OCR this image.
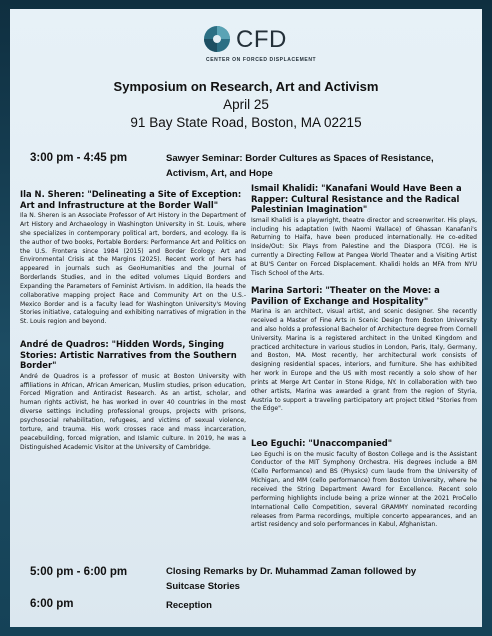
CFD
CENTER ON FORCED DISPLACEMENT
Symposium on Research, Art and Activism
April 25
91 Bay State Road, Boston, MA 02215
3:00 pm - 4:45 pm	Sawyer Seminar: Border Cultures as Spaces of Resistance, Activism, Art, and Hope

Ila N. Sheren: "Delineating a Site of Exception: Art and Infrastructure at the Border Wall"

Ila N. Sheren is an Associate Professor of Art History in the Department of Art History and Archaeology in Washington University in St. Louis, where she specializes in contemporary political art, borders, and ecology. Ila is the author of two books, Portable Borders: Performance Art and Politics on the U.S. Frontera since 1984 (2015) and Border Ecology: Art and Environmental Crisis at the Margins (2025). Recent work of hers has appeared in journals such as GeoHumanities and the Journal of Borderlands Studies, and in the edited volumes Liquid Borders and Expanding the Parameters of Feminist Artivism. In addition, Ila heads the collaborative mapping project Race and Community Art on the U.S.-Mexico Border and is a faculty lead for Washington University's Moving Stories initiative, cataloguing and exhibiting narratives of migration in the St. Louis region and beyond.

André de Quadros: "Hidden Words, Singing Stories: Artistic Narratives from the Southern Border"

André de Quadros is a professor of music at Boston University with affiliations in African, African American, Muslim studies, prison education, Forced Migration and Antiracist Research. As an artist, scholar, and human rights activist, he has worked in over 40 countries in the most diverse settings including professional groups, projects with prisons, psychosocial rehabilitation, refugees, and victims of sexual violence, torture, and trauma. His work crosses race and mass incarceration, peacebuilding, forced migration, and Islamic culture. In 2019, he was a Distinguished Academic Visitor at the University of Cambridge.

Ismail Khalidi: "Kanafani Would Have Been a Rapper: Cultural Resistance and the Radical Palestinian Imagination"

Ismail Khalidi is a playwright, theatre director and screenwriter. His plays, including his adaptation (with Naomi Wallace) of Ghassan Kanafani's Returning to Haifa, have been produced internationally. He co-edited Inside/Out: Six Plays from Palestine and the Diaspora (TCG). He is currently a Directing Fellow at Pangea World Theater and a Visiting Artist at BU'S Center on Forced Displacement. Khalidi holds an MFA from NYU Tisch School of the Arts.

Marina Sartori: "Theater on the Move: a Pavilion of Exchange and Hospitality"

Marina is an architect, visual artist, and scenic designer. She recently received a Master of Fine Arts in Scenic Design from Boston University and also holds a professional Bachelor of Architecture degree from Cornell University. Marina is a registered architect in the United Kingdom and practiced architecture in various studios in London, Paris, Italy, Germany, and Boston, MA. Most recently, her architectural work consists of designing residential spaces, interiors, and furniture. She has exhibited her work in Europe and the US with most recently a solo show of her prints at Merge Art Center in Stone Ridge, NY. In collaboration with two other artists, Marina was awarded a grant from the region of Styria, Austria to support a traveling participatory art project titled "Stories from the Edge".

Leo Eguchi: "Unaccompanied"

Leo Eguchi is on the music faculty of Boston College and is the Assistant Conductor of the MIT Symphony Orchestra. His degrees include a BM (Cello Performance) and BS (Physics) cum laude from the University of Michigan, and MM (cello performance) from Boston University, where he received the String Department Award for Excellence. Recent solo performing highlights include being a prize winner at the 2021 ProCello International Cello Competition, several GRAMMY nominated recording releases from Parma recordings, multiple concerto appearances, and an artist residency and solo performances in Kabul, Afghanistan.

5:00 pm - 6:00 pm	Closing Remarks by Dr. Muhammad Zaman followed by Suitcase Stories
6:00 pm	Reception
